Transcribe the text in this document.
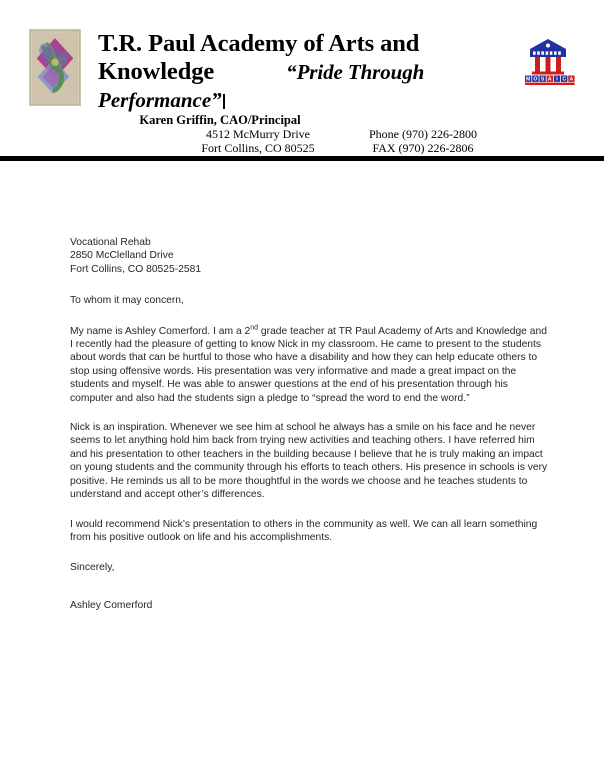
T.R. Paul Academy of Arts and
Knowledge	“Pride Through
Performance”
M O S A I C A
Karen Griffin, CAO/Principal
4512 McMurry Drive	Phone (970) 226-2800
Fort Collins, CO 80525	FAX (970) 226-2806
Vocational Rehab
2850 McClelland Drive
Fort Collins, CO 80525-2581
To whom it may concern,

My name is Ashley Comerford. I am a 2nd grade teacher at TR Paul Academy of Arts and Knowledge and I recently had the pleasure of getting to know Nick in my classroom. He came to present to the students about words that can be hurtful to those who have a disability and how they can help educate others to stop using offensive words. His presentation was very informative and made a great impact on the students and myself. He was able to answer questions at the end of his presentation through his computer and also had the students sign a pledge to “spread the word to end the word.”

Nick is an inspiration. Whenever we see him at school he always has a smile on his face and he never seems to let anything hold him back from trying new activities and teaching others. I have referred him and his presentation to other teachers in the building because I believe that he is truly making an impact on young students and the community through his efforts to teach others. His presence in schools is very positive. He reminds us all to be more thoughtful in the words we choose and he teaches students to understand and accept other’s differences.

I would recommend Nick’s presentation to others in the community as well. We can all learn something from his positive outlook on life and his accomplishments.

Sincerely,
Ashley Comerford
